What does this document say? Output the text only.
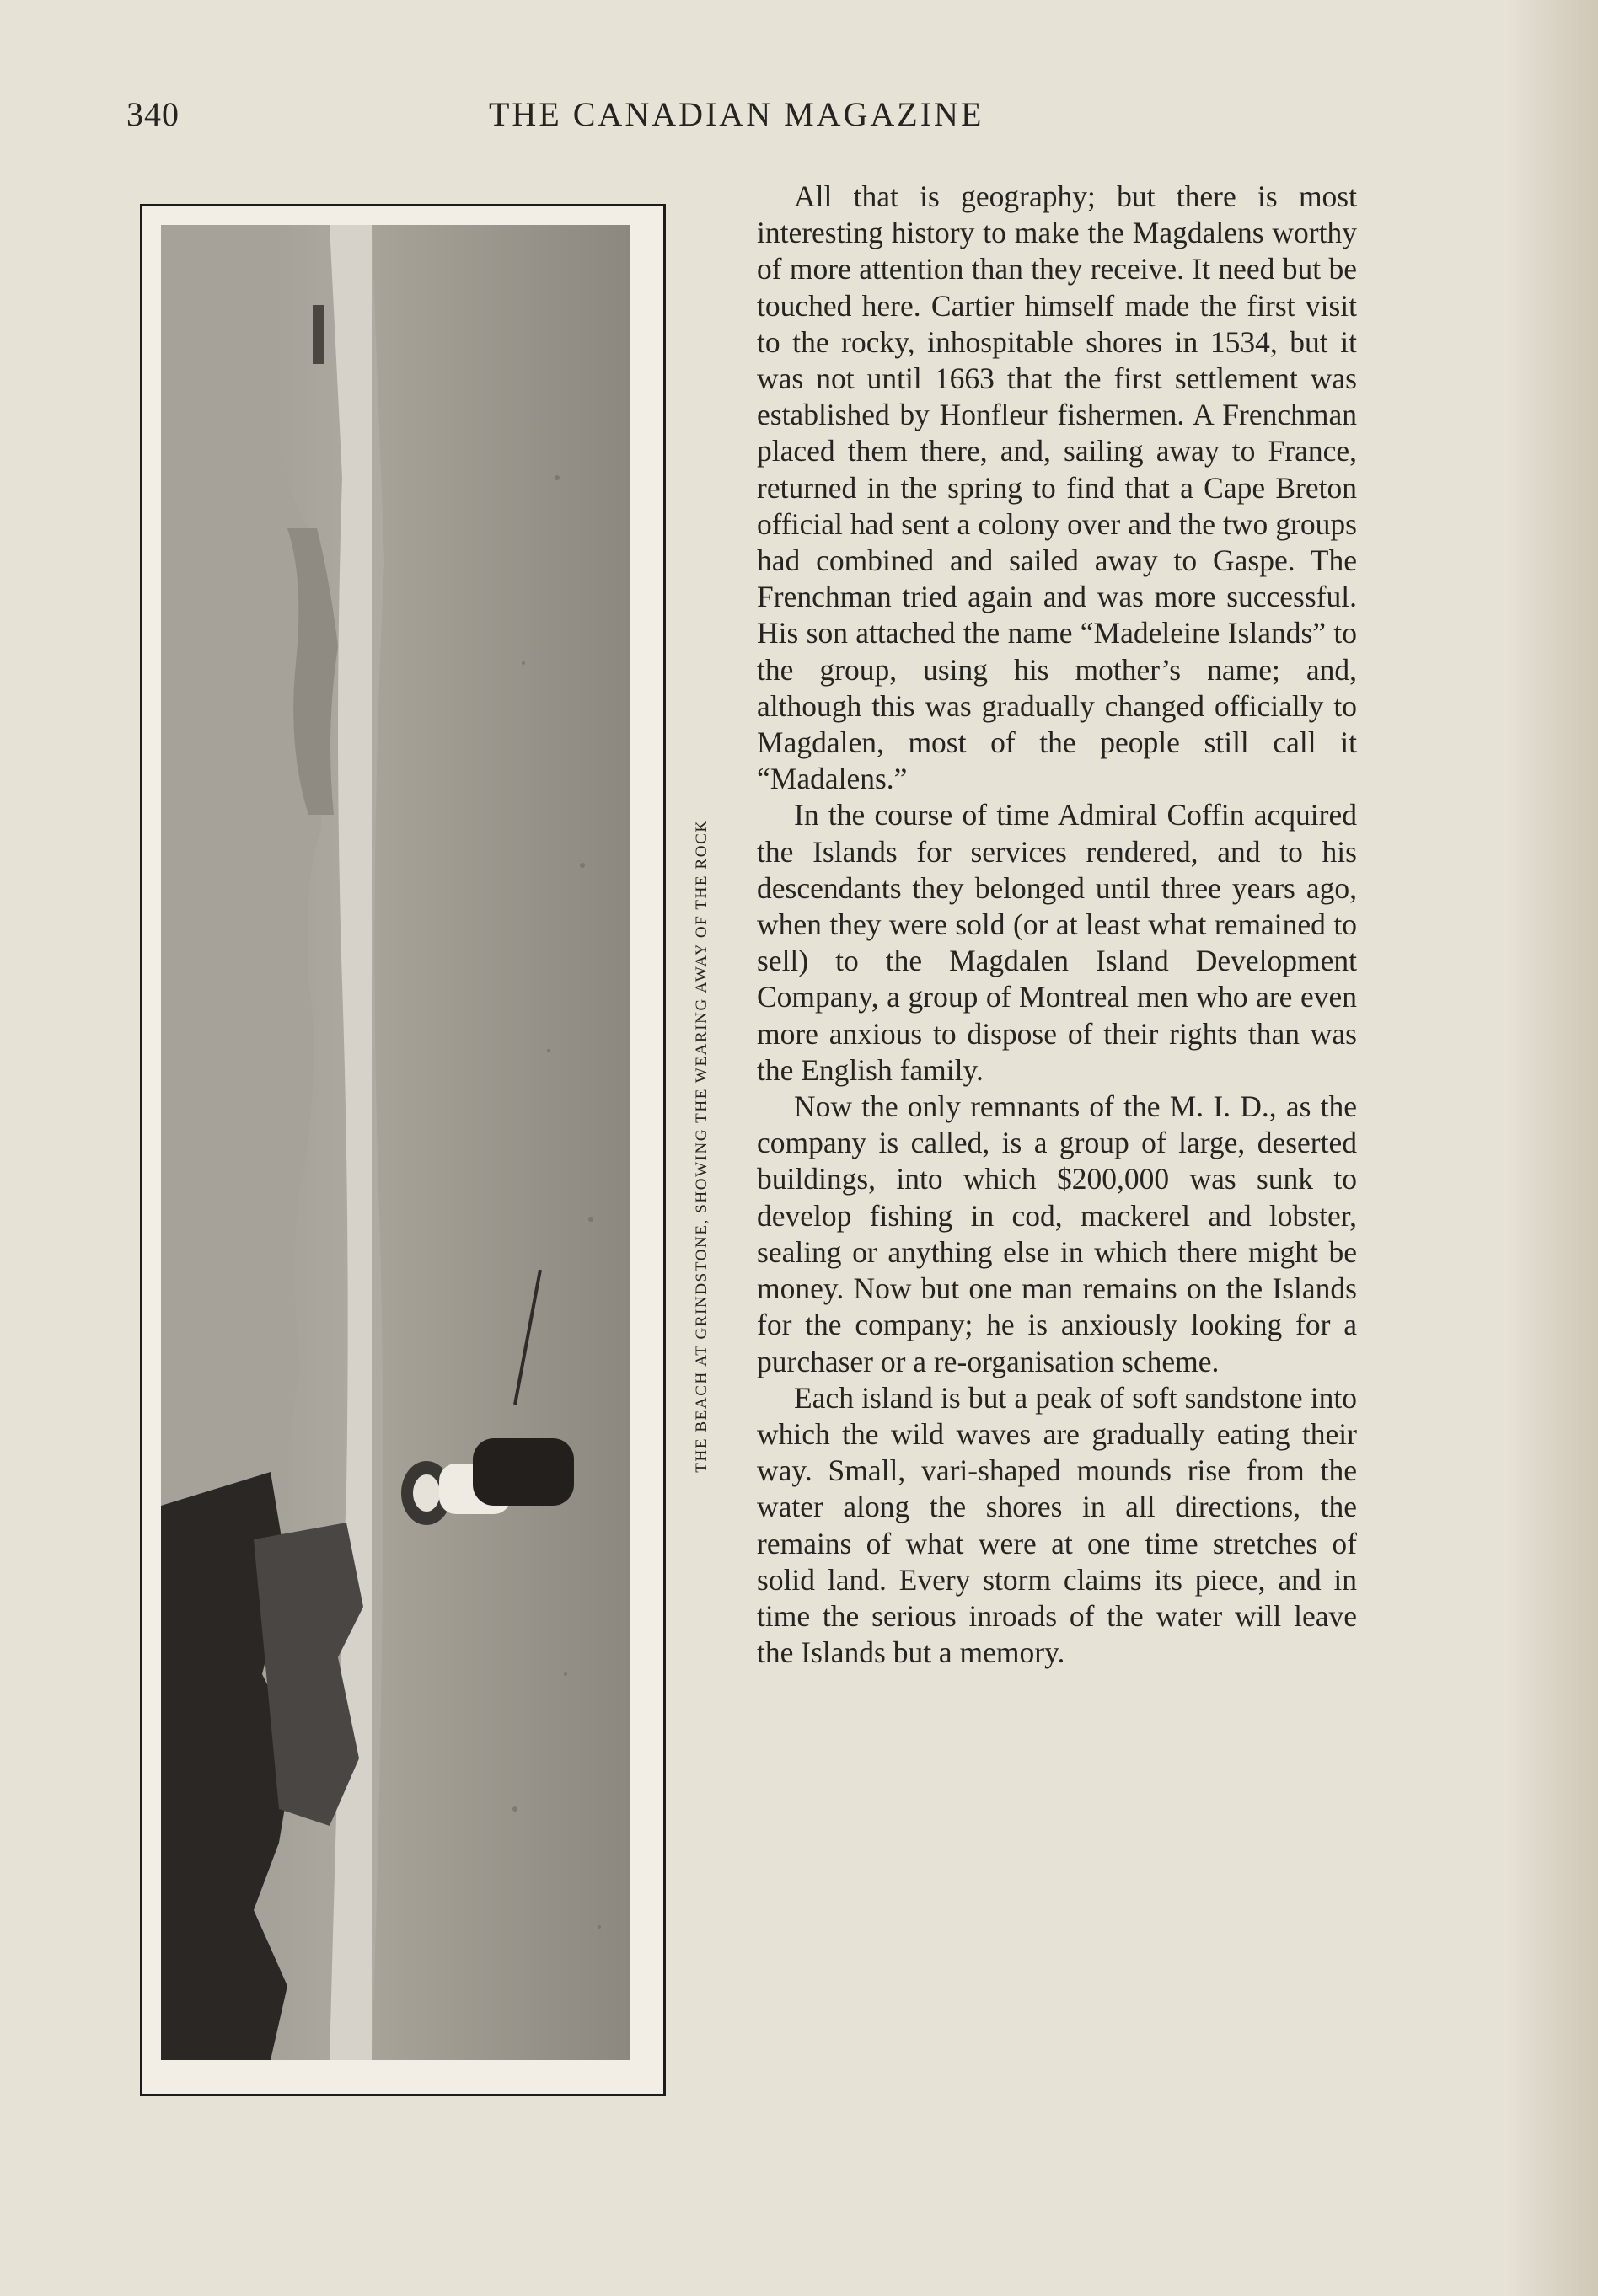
340	THE CANADIAN MAGAZINE
THE BEACH AT GRINDSTONE, SHOWING THE WEARING AWAY OF THE ROCK

All that is geography; but there is most interesting history to make the Magdalens worthy of more attention than they receive. It need but be touched here. Cartier himself made the first visit to the rocky, inhospitable shores in 1534, but it was not until 1663 that the first settlement was established by Honfleur fishermen. A Frenchman placed them there, and, sailing away to France, returned in the spring to find that a Cape Breton official had sent a colony over and the two groups had combined and sailed away to Gaspe. The Frenchman tried again and was more successful. His son attached the name “Madeleine Islands” to the group, using his mother’s name; and, although this was gradually changed officially to Magdalen, most of the people still call it “Madalens.”

In the course of time Admiral Coffin acquired the Islands for services rendered, and to his descendants they belonged until three years ago, when they were sold (or at least what remained to sell) to the Magdalen Island Development Company, a group of Montreal men who are even more anxious to dispose of their rights than was the English family.

Now the only remnants of the M. I. D., as the company is called, is a group of large, deserted buildings, into which $200,000 was sunk to develop fishing in cod, mackerel and lobster, sealing or anything else in which there might be money. Now but one man remains on the Islands for the company; he is anxiously looking for a purchaser or a re-organisation scheme.

Each island is but a peak of soft sandstone into which the wild waves are gradually eating their way. Small, vari-shaped mounds rise from the water along the shores in all directions, the remains of what were at one time stretches of solid land. Every storm claims its piece, and in time the serious inroads of the water will leave the Islands but a memory.
